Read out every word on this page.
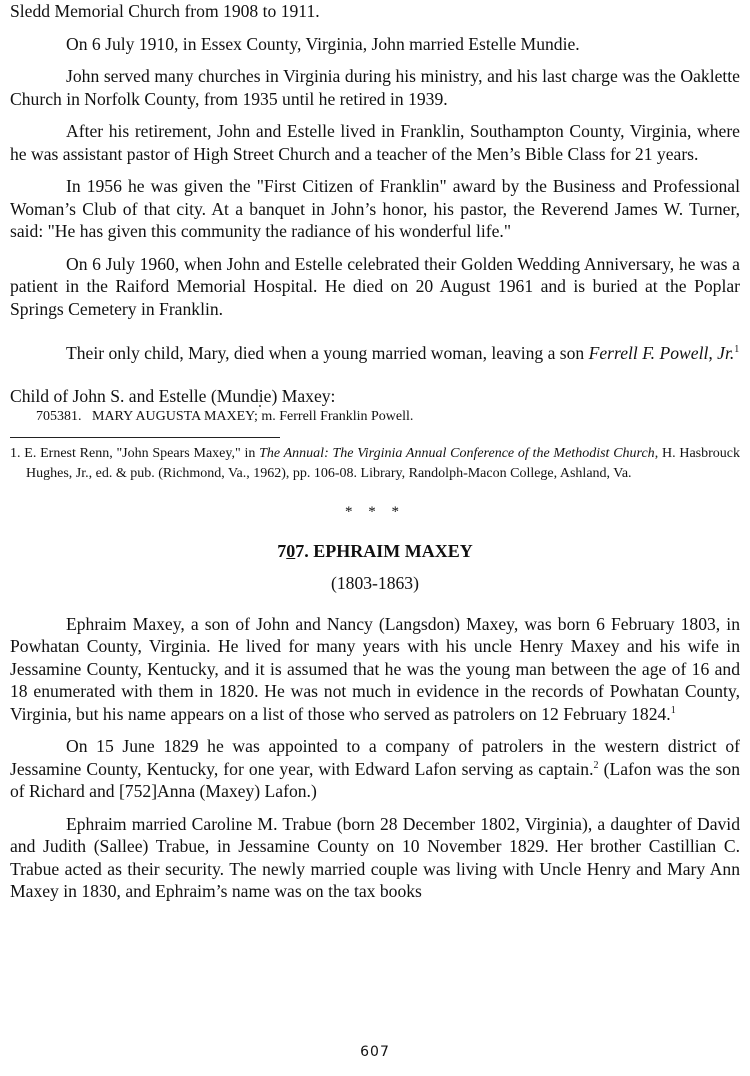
Sledd Memorial Church from 1908 to 1911.

On 6 July 1910, in Essex County, Virginia, John married Estelle Mundie.

John served many churches in Virginia during his ministry, and his last charge was the Oaklette Church in Norfolk County, from 1935 until he retired in 1939.

After his retirement, John and Estelle lived in Franklin, Southampton County, Virginia, where he was assistant pastor of High Street Church and a teacher of the Men’s Bible Class for 21 years.

In 1956 he was given the "First Citizen of Franklin" award by the Business and Professional Woman’s Club of that city. At a banquet in John’s honor, his pastor, the Reverend James W. Turner, said: "He has given this community the radiance of his wonderful life."

On 6 July 1960, when John and Estelle celebrated their Golden Wedding Anniversary, he was a patient in the Raiford Memorial Hospital. He died on 20 August 1961 and is buried at the Poplar Springs Cemetery in Franklin.

Their only child, Mary, died when a young married woman, leaving a son Ferrell F. Powell, Jr.$^1$

Child of John S. and Estelle (Mundie) Maxey:
705381. MARY AUGUSTA MAXEY; m. Ferrell Franklin Powell.
1. E. Ernest Renn, "John Spears Maxey," in The Annual: The Virginia Annual Conference of the Methodist Church, H. Hasbrouck Hughes, Jr., ed. & pub. (Richmond, Va., 1962), pp. 106-08. Library, Randolph-Macon College, Ashland, Va.
* * *
707. EPHRAIM MAXEY
(1803-1863)

Ephraim Maxey, a son of John and Nancy (Langsdon) Maxey, was born 6 February 1803, in Powhatan County, Virginia. He lived for many years with his uncle Henry Maxey and his wife in Jessamine County, Kentucky, and it is assumed that he was the young man between the age of 16 and 18 enumerated with them in 1820. He was not much in evidence in the records of Powhatan County, Virginia, but his name appears on a list of those who served as patrolers on 12 February 1824.$^1$

On 15 June 1829 he was appointed to a company of patrolers in the western district of Jessamine County, Kentucky, for one year, with Edward Lafon serving as captain.$^2$ (Lafon was the son of Richard and [752]Anna (Maxey) Lafon.)

Ephraim married Caroline M. Trabue (born 28 December 1802, Virginia), a daughter of David and Judith (Sallee) Trabue, in Jessamine County on 10 November 1829. Her brother Castillian C. Trabue acted as their security. The newly married couple was living with Uncle Henry and Mary Ann Maxey in 1830, and Ephraim’s name was on the tax books

607
